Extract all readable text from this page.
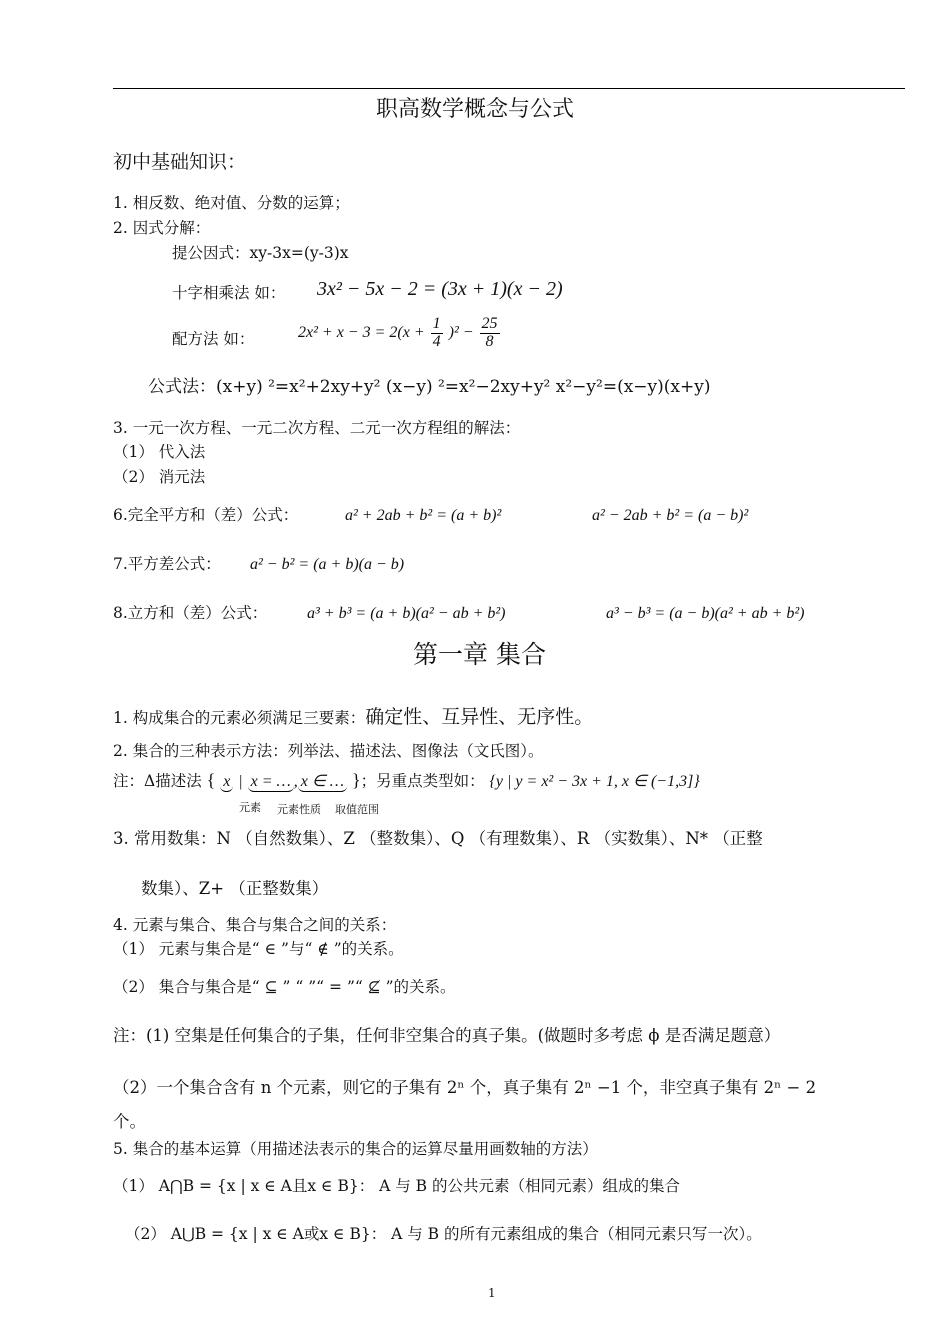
职高数学概念与公式
初中基础知识：
1. 相反数、绝对值、分数的运算；
2. 因式分解：
提公因式：xy-3x=(y-3)x
十字相乘法 如： 3x² − 5x − 2 = (3x + 1)(x − 2)
配方法 如：	$2x^2 + x - 3 = 2(x + \frac{1}{4} )^2 - \frac{25}{8}$
公式法：(x+y) ²=x²+2xy+y² (x−y) ²=x²−2xy+y² x²−y²=(x−y)(x+y)
3. 一元一次方程、一元二次方程、二元一次方程组的解法：
（1） 代入法
（2） 消元法
6.完全平方和（差）公式：	a² + 2ab + b² = (a + b)²	a² − 2ab + b² = (a − b)²
7.平方差公式： a² − b² = (a + b)(a − b)
8.立方和（差）公式： a³ + b³ = (a + b)(a² − ab + b²)	a³ − b³ = (a − b)(a² + ab + b²)
第一章 集合
1. 构成集合的元素必须满足三要素：确定性、互异性、无序性。
2. 集合的三种表示方法：列举法、描述法、图像法（文氏图）。
注：Δ描述法 { x | x = … , x ∈ … }；另重点类型如： {y | y = x² − 3x + 1, x ∈ (−1,3]}
元素 元素性质 取值范围
3. 常用数集：N （自然数集）、Z （整数集）、Q （有理数集）、R （实数集）、N* （正整
数集）、Z+ （正整数集）
4. 元素与集合、集合与集合之间的关系：
（1） 元素与集合是“ ∈ ”与“ ∉ ”的关系。
（2） 集合与集合是“ ⊆ ” “ ”“ = ”“ ⊈ ”的关系。
注：(1) 空集是任何集合的子集，任何非空集合的真子集。(做题时多考虑 ϕ 是否满足题意）
（2）一个集合含有 n 个元素，则它的子集有 2ⁿ 个，真子集有 2ⁿ −1 个，非空真子集有 2ⁿ − 2
个。
5. 集合的基本运算（用描述法表示的集合的运算尽量用画数轴的方法）
（1） A⋂B = {x | x ∈ A且x ∈ B}： A 与 B 的公共元素（相同元素）组成的集合
（2） A⋃B = {x | x ∈ A或x ∈ B}： A 与 B 的所有元素组成的集合（相同元素只写一次）。
1
